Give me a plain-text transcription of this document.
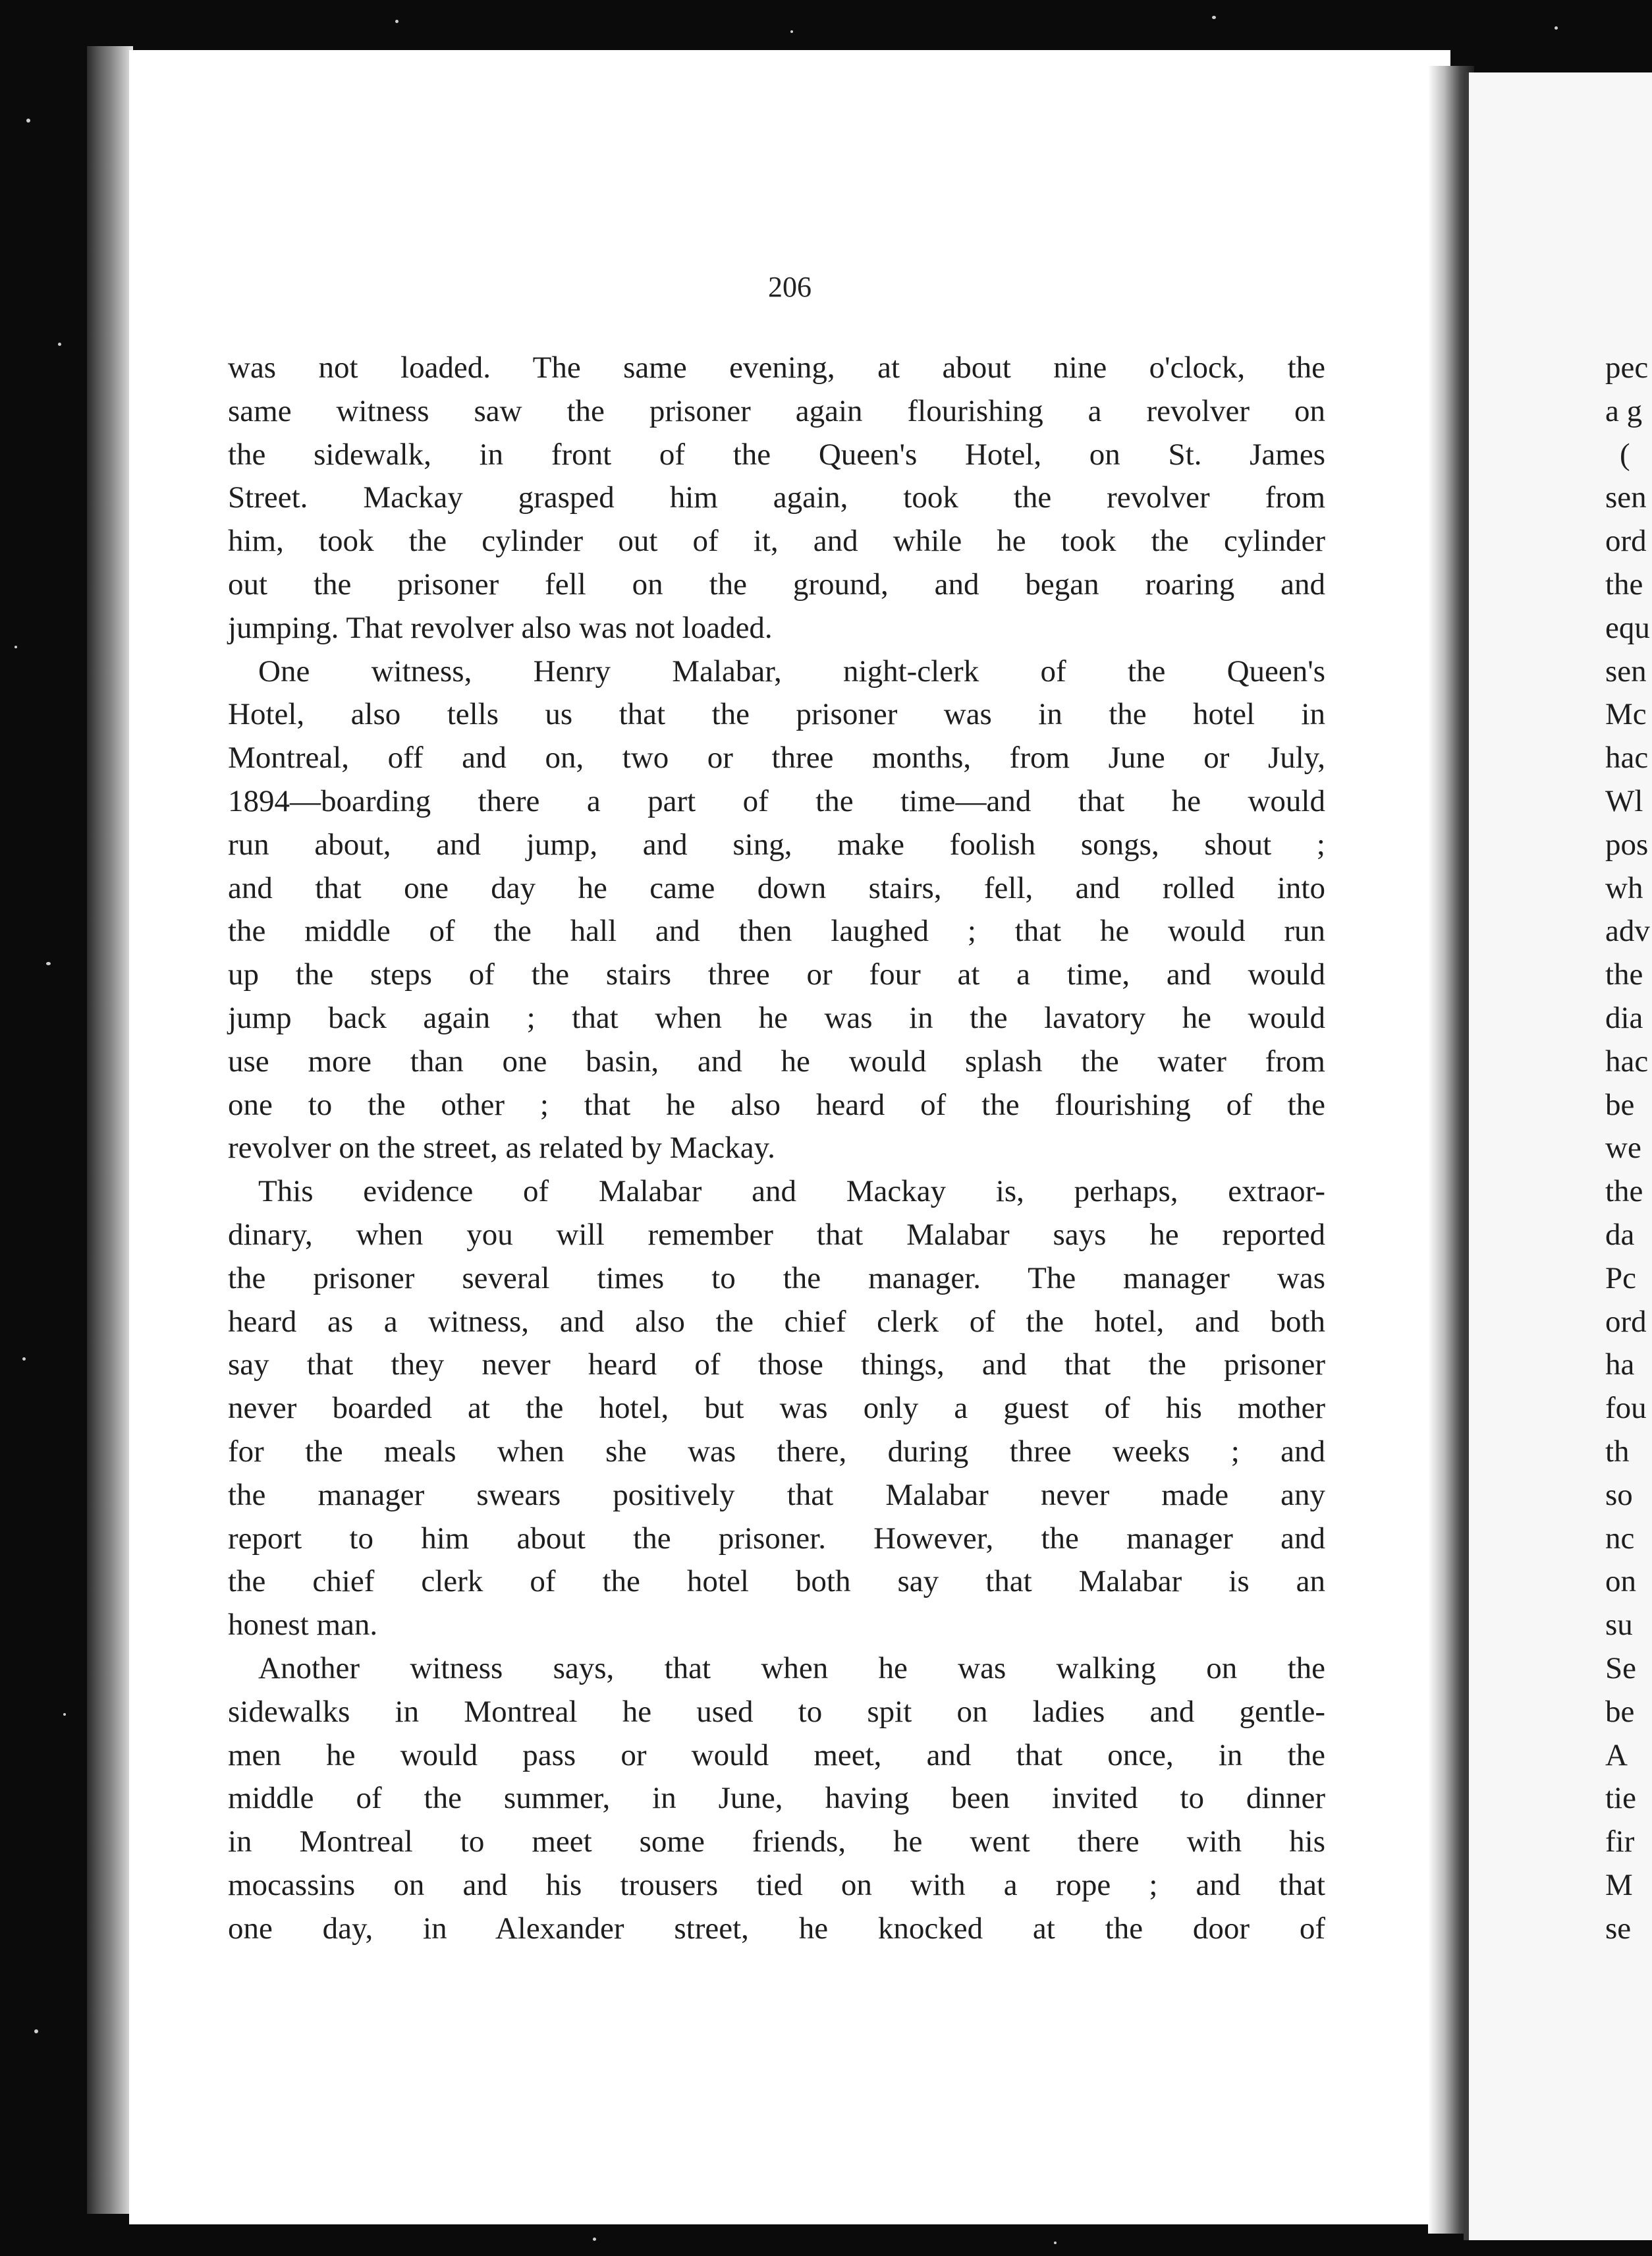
206
was not loaded. The same evening, at about nine o'clock, the
same witness saw the prisoner again flourishing a revolver on
the sidewalk, in front of the Queen's Hotel, on St. James
Street. Mackay grasped him again, took the revolver from
him, took the cylinder out of it, and while he took the cylinder
out the prisoner fell on the ground, and began roaring and
jumping. That revolver also was not loaded.
One witness, Henry Malabar, night-clerk of the Queen's
Hotel, also tells us that the prisoner was in the hotel in
Montreal, off and on, two or three months, from June or July,
1894—boarding there a part of the time—and that he would
run about, and jump, and sing, make foolish songs, shout ;
and that one day he came down stairs, fell, and rolled into
the middle of the hall and then laughed ; that he would run
up the steps of the stairs three or four at a time, and would
jump back again ; that when he was in the lavatory he would
use more than one basin, and he would splash the water from
one to the other ; that he also heard of the flourishing of the
revolver on the street, as related by Mackay.
This evidence of Malabar and Mackay is, perhaps, extraor-
dinary, when you will remember that Malabar says he reported
the prisoner several times to the manager. The manager was
heard as a witness, and also the chief clerk of the hotel, and both
say that they never heard of those things, and that the prisoner
never boarded at the hotel, but was only a guest of his mother
for the meals when she was there, during three weeks ; and
the manager swears positively that Malabar never made any
report to him about the prisoner. However, the manager and
the chief clerk of the hotel both say that Malabar is an
honest man.
Another witness says, that when he was walking on the
sidewalks in Montreal he used to spit on ladies and gentle-
men he would pass or would meet, and that once, in the
middle of the summer, in June, having been invited to dinner
in Montreal to meet some friends, he went there with his
mocassins on and his trousers tied on with a rope ; and that
one day, in Alexander street, he knocked at the door of
pec
a g
(
sen
ord
the
equ
sen
Mc
hac
Wl
pos
wh
adv
the
dia
hac
be
we
the
da
Pc
ord
ha
fou
th
so
nc
on
su
Se
be
A
tie
fir
M
se
